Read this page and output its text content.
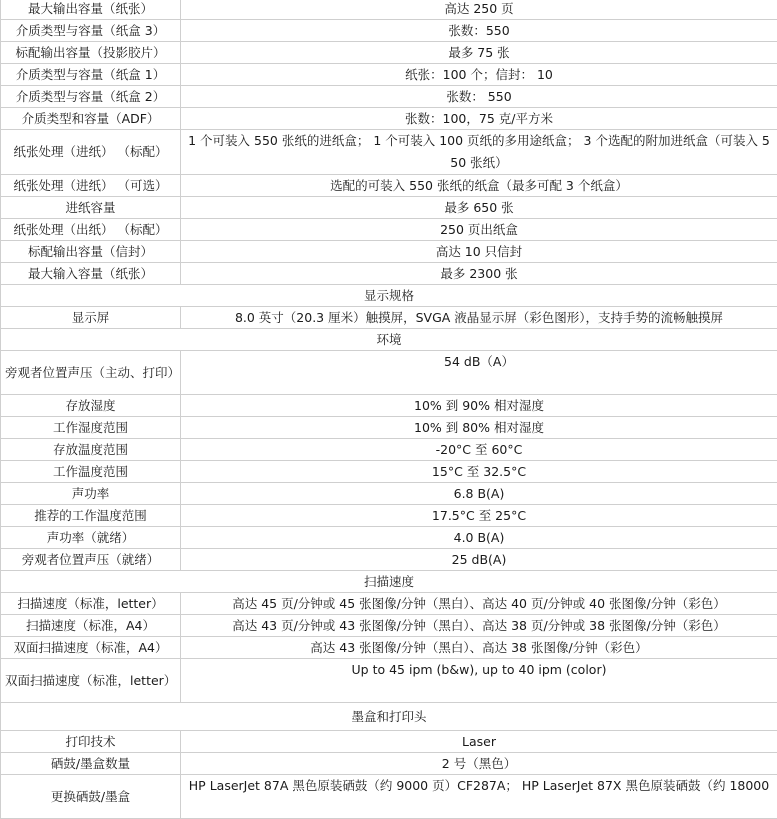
最大输出容量（纸张）	高达 250 页
介质类型与容量（纸盒 3）	张数：550
标配输出容量（投影胶片）	最多 75 张
介质类型与容量（纸盒 1）	纸张：100 个；信封： 10
介质类型与容量（纸盒 2）	张数： 550
介质类型和容量（ADF）	张数：100，75 克/平方米
纸张处理（进纸） （标配）	1 个可装入 550 张纸的进纸盒； 1 个可装入 100 页纸的多用途纸盒； 3 个选配的附加进纸盒（可装入 550 张纸）
纸张处理（进纸） （可选）	选配的可装入 550 张纸的纸盒（最多可配 3 个纸盒）
进纸容量	最多 650 张
纸张处理（出纸） （标配）	250 页出纸盒
标配输出容量（信封）	高达 10 只信封
最大输入容量（纸张）	最多 2300 张
显示规格	
显示屏	8.0 英寸（20.3 厘米）触摸屏，SVGA 液晶显示屏（彩色图形），支持手势的流畅触摸屏
环境	
旁观者位置声压（主动、打印）	54 dB（A）
存放湿度	10% 到 90% 相对湿度
工作湿度范围	10% 到 80% 相对湿度
存放温度范围	-20°C 至 60°C
工作温度范围	15°C 至 32.5°C
声功率	6.8 B(A)
推荐的工作温度范围	17.5°C 至 25°C
声功率（就绪）	4.0 B(A)
旁观者位置声压（就绪）	25 dB(A)
扫描速度	
扫描速度（标准，letter）	高达 45 页/分钟或 45 张图像/分钟（黑白）、高达 40 页/分钟或 40 张图像/分钟（彩色）
扫描速度（标准，A4）	高达 43 页/分钟或 43 张图像/分钟（黑白）、高达 38 页/分钟或 38 张图像/分钟（彩色）
双面扫描速度（标准，A4）	高达 43 张图像/分钟（黑白）、高达 38 张图像/分钟（彩色）
双面扫描速度（标准，letter）	Up to 45 ipm (b&w), up to 40 ipm (color)
墨盒和打印头	
打印技术	Laser
硒鼓/墨盒数量	2 号（黑色）
更换硒鼓/墨盒	HP LaserJet 87A 黑色原装硒鼓（约 9000 页）CF287A； HP LaserJet 87X 黑色原装硒鼓（约 18000
